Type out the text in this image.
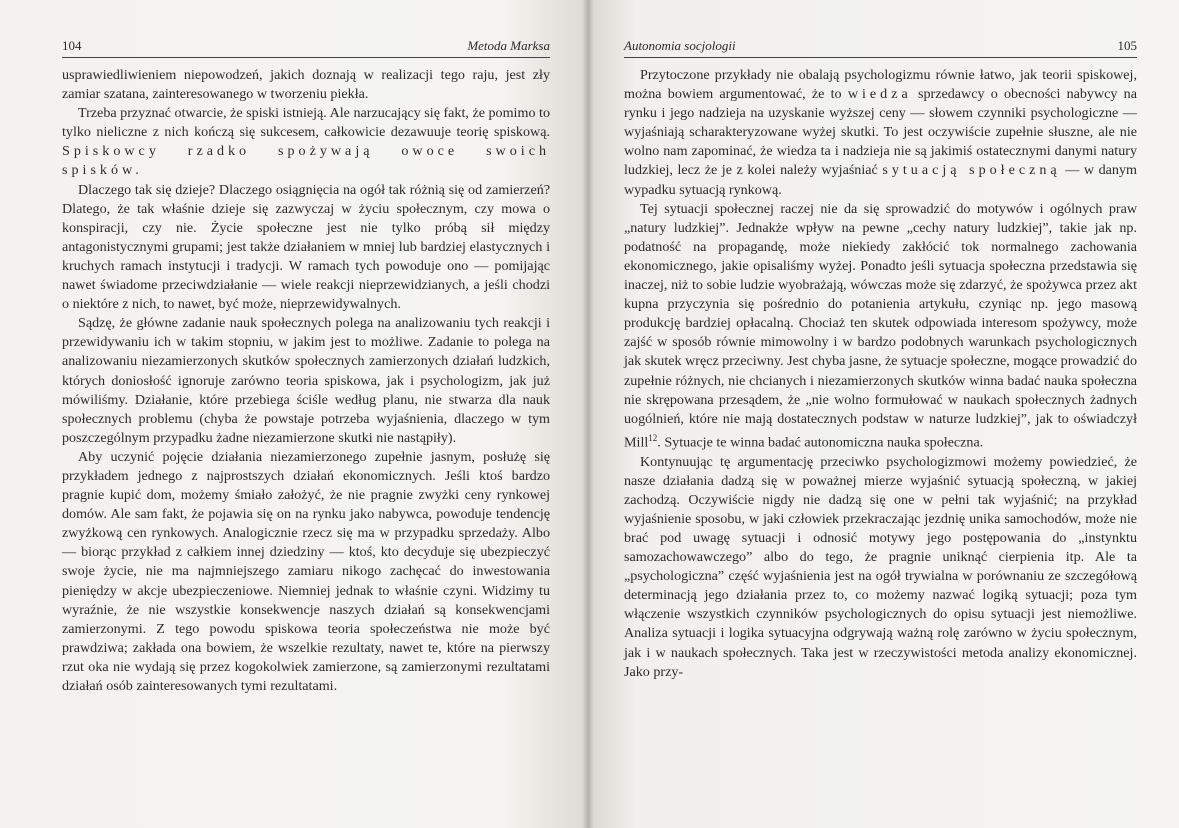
104	Metoda Marksa

usprawiedliwieniem niepowodzeń, jakich doznają w realizacji tego raju, jest zły zamiar szatana, zainteresowanego w tworzeniu piekła.

Trzeba przyznać otwarcie, że spiski istnieją. Ale narzucający się fakt, że pomimo to tylko nieliczne z nich kończą się sukcesem, całkowicie dezawuuje teorię spiskową. Spiskowcy rzadko spożywają owoce swoich spisków.

Dlaczego tak się dzieje? Dlaczego osiągnięcia na ogół tak różnią się od zamierzeń? Dlatego, że tak właśnie dzieje się zazwyczaj w życiu społecznym, czy mowa o konspiracji, czy nie. Życie społeczne jest nie tylko próbą sił między antagonistycznymi grupami; jest także działaniem w mniej lub bardziej elastycznych i kruchych ramach instytucji i tradycji. W ramach tych powoduje ono — pomijając nawet świadome przeciwdziałanie — wiele reakcji nieprzewidzianych, a jeśli chodzi o niektóre z nich, to nawet, być może, nieprzewidywalnych.

Sądzę, że główne zadanie nauk społecznych polega na analizowaniu tych reakcji i przewidywaniu ich w takim stopniu, w jakim jest to możliwe. Zadanie to polega na analizowaniu niezamierzonych skutków społecznych zamierzonych działań ludzkich, których doniosłość ignoruje zarówno teoria spiskowa, jak i psychologizm, jak już mówiliśmy. Działanie, które przebiega ściśle według planu, nie stwarza dla nauk społecznych problemu (chyba że powstaje potrzeba wyjaśnienia, dlaczego w tym poszczególnym przypadku żadne niezamierzone skutki nie nastąpiły).

Aby uczynić pojęcie działania niezamierzonego zupełnie jasnym, posłużę się przykładem jednego z najprostszych działań ekonomicznych. Jeśli ktoś bardzo pragnie kupić dom, możemy śmiało założyć, że nie pragnie zwyżki ceny rynkowej domów. Ale sam fakt, że pojawia się on na rynku jako nabywca, powoduje tendencję zwyżkową cen rynkowych. Analogicznie rzecz się ma w przypadku sprzedaży. Albo — biorąc przykład z całkiem innej dziedziny — ktoś, kto decyduje się ubezpieczyć swoje życie, nie ma najmniejszego zamiaru nikogo zachęcać do inwestowania pieniędzy w akcje ubezpieczeniowe. Niemniej jednak to właśnie czyni. Widzimy tu wyraźnie, że nie wszystkie konsekwencje naszych działań są konsekwencjami zamierzonymi. Z tego powodu spiskowa teoria społeczeństwa nie może być prawdziwa; zakłada ona bowiem, że wszelkie rezultaty, nawet te, które na pierwszy rzut oka nie wydają się przez kogokolwiek zamierzone, są zamierzonymi rezultatami działań osób zainteresowanych tymi rezultatami.

Autonomia socjologii	105

Przytoczone przykłady nie obalają psychologizmu równie łatwo, jak teorii spiskowej, można bowiem argumentować, że to wiedza sprzedawcy o obecności nabywcy na rynku i jego nadzieja na uzyskanie wyższej ceny — słowem czynniki psychologiczne — wyjaśniają scharakteryzowane wyżej skutki. To jest oczywiście zupełnie słuszne, ale nie wolno nam zapominać, że wiedza ta i nadzieja nie są jakimiś ostatecznymi danymi natury ludzkiej, lecz że je z kolei należy wyjaśniać sytuacją społeczną — w danym wypadku sytuacją rynkową.

Tej sytuacji społecznej raczej nie da się sprowadzić do motywów i ogólnych praw „natury ludzkiej”. Jednakże wpływ na pewne „cechy natury ludzkiej”, takie jak np. podatność na propagandę, może niekiedy zakłócić tok normalnego zachowania ekonomicznego, jakie opisaliśmy wyżej. Ponadto jeśli sytuacja społeczna przedstawia się inaczej, niż to sobie ludzie wyobrażają, wówczas może się zdarzyć, że spożywca przez akt kupna przyczynia się pośrednio do potanienia artykułu, czyniąc np. jego masową produkcję bardziej opłacalną. Chociaż ten skutek odpowiada interesom spożywcy, może zajść w sposób równie mimowolny i w bardzo podobnych warunkach psychologicznych jak skutek wręcz przeciwny. Jest chyba jasne, że sytuacje społeczne, mogące prowadzić do zupełnie różnych, nie chcianych i niezamierzonych skutków winna badać nauka społeczna nie skrępowana przesądem, że „nie wolno formułować w naukach społecznych żadnych uogólnień, które nie mają dostatecznych podstaw w naturze ludzkiej”, jak to oświadczył Mill$^{12}$. Sytuacje te winna badać autonomiczna nauka społeczna.

Kontynuując tę argumentację przeciwko psychologizmowi możemy powiedzieć, że nasze działania dadzą się w poważnej mierze wyjaśnić sytuacją społeczną, w jakiej zachodzą. Oczywiście nigdy nie dadzą się one w pełni tak wyjaśnić; na przykład wyjaśnienie sposobu, w jaki człowiek przekraczając jezdnię unika samochodów, może nie brać pod uwagę sytuacji i odnosić motywy jego postępowania do „instynktu samozachowawczego” albo do tego, że pragnie uniknąć cierpienia itp. Ale ta „psychologiczna” część wyjaśnienia jest na ogół trywialna w porównaniu ze szczegółową determinacją jego działania przez to, co możemy nazwać logiką sytuacji; poza tym włączenie wszystkich czynników psychologicznych do opisu sytuacji jest niemożliwe. Analiza sytuacji i logika sytuacyjna odgrywają ważną rolę zarówno w życiu społecznym, jak i w naukach społecznych. Taka jest w rzeczywistości metoda analizy ekonomicznej. Jako przy-
